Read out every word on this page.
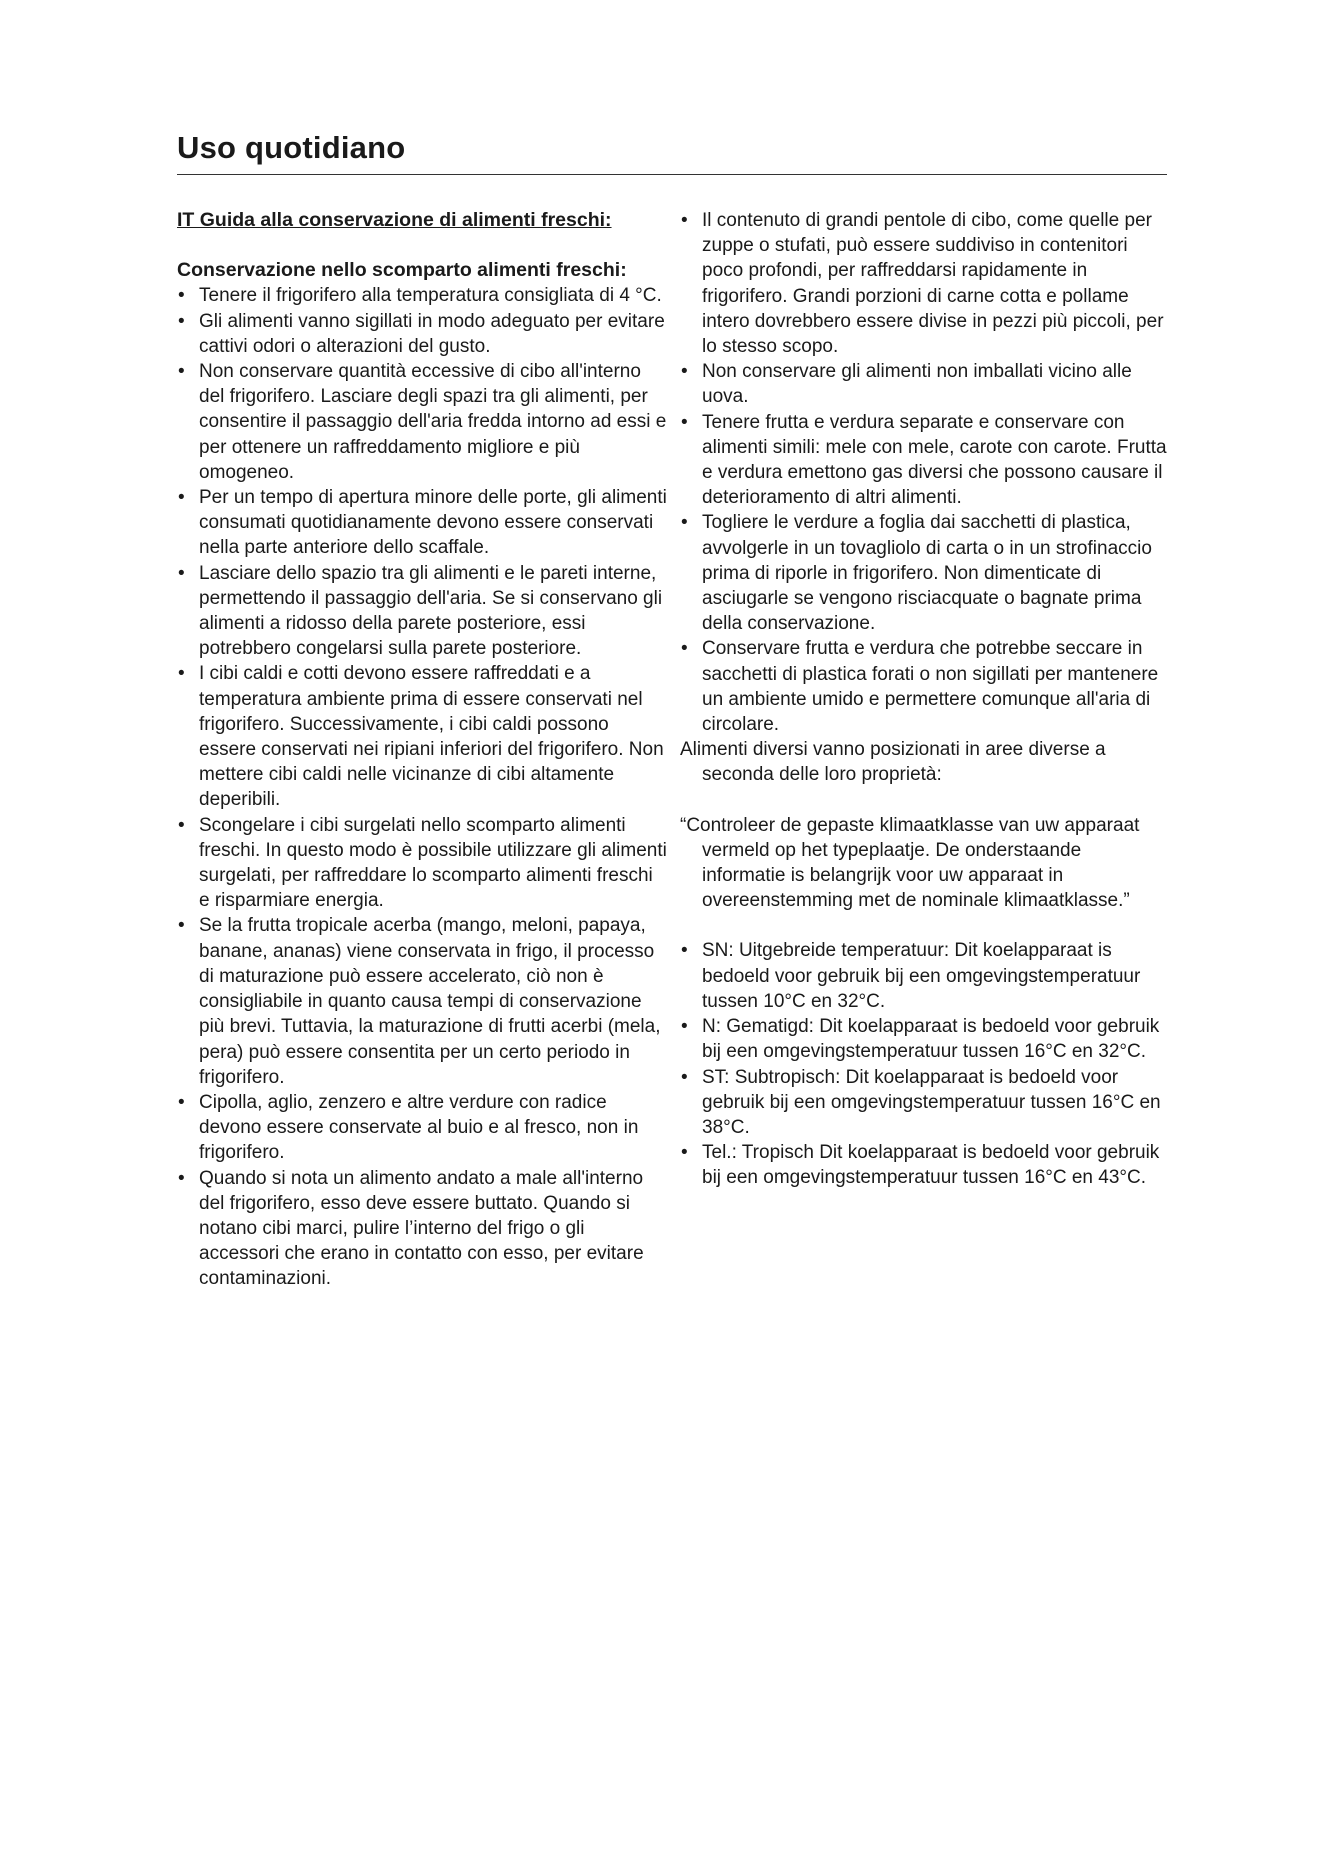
Uso quotidiano

IT Guida alla conservazione di alimenti freschi:

Conservazione nello scomparto alimenti freschi:

• Tenere il frigorifero alla temperatura consigliata di 4 °C.
• Gli alimenti vanno sigillati in modo adeguato per evitare cattivi odori o alterazioni del gusto.
• Non conservare quantità eccessive di cibo all'interno del frigorifero. Lasciare degli spazi tra gli alimenti, per consentire il passaggio dell'aria fredda intorno ad essi e per ottenere un raffreddamento migliore e più omogeneo.
• Per un tempo di apertura minore delle porte, gli alimenti consumati quotidianamente devono essere conservati nella parte anteriore dello scaffale.
• Lasciare dello spazio tra gli alimenti e le pareti interne, permettendo il passaggio dell'aria. Se si conservano gli alimenti a ridosso della parete posteriore, essi potrebbero congelarsi sulla parete posteriore.
• I cibi caldi e cotti devono essere raffreddati e a temperatura ambiente prima di essere conservati nel frigorifero. Successivamente, i cibi caldi possono essere conservati nei ripiani inferiori del frigorifero. Non mettere cibi caldi nelle vicinanze di cibi altamente deperibili.
• Scongelare i cibi surgelati nello scomparto alimenti freschi. In questo modo è possibile utilizzare gli alimenti surgelati, per raffreddare lo scomparto alimenti freschi e risparmiare energia.
• Se la frutta tropicale acerba (mango, meloni, papaya, banane, ananas) viene conservata in frigo, il processo di maturazione può essere accelerato, ciò non è consigliabile in quanto causa tempi di conservazione più brevi. Tuttavia, la maturazione di frutti acerbi (mela, pera) può essere consentita per un certo periodo in frigorifero.
• Cipolla, aglio, zenzero e altre verdure con radice devono essere conservate al buio e al fresco, non in frigorifero.
• Quando si nota un alimento andato a male all'interno del frigorifero, esso deve essere buttato. Quando si notano cibi marci, pulire l’interno del frigo o gli accessori che erano in contatto con esso, per evitare contaminazioni.
• Il contenuto di grandi pentole di cibo, come quelle per zuppe o stufati, può essere suddiviso in contenitori poco profondi, per raffreddarsi rapidamente in frigorifero. Grandi porzioni di carne cotta e pollame intero dovrebbero essere divise in pezzi più piccoli, per lo stesso scopo.
• Non conservare gli alimenti non imballati vicino alle uova.
• Tenere frutta e verdura separate e conservare con alimenti simili: mele con mele, carote con carote. Frutta e verdura emettono gas diversi che possono causare il deterioramento di altri alimenti.
• Togliere le verdure a foglia dai sacchetti di plastica, avvolgerle in un tovagliolo di carta o in un strofinaccio prima di riporle in frigorifero. Non dimenticate di asciugarle se vengono risciacquate o bagnate prima della conservazione.
• Conservare frutta e verdura che potrebbe seccare in sacchetti di plastica forati o non sigillati per mantenere un ambiente umido e permettere comunque all'aria di circolare.

Alimenti diversi vanno posizionati in aree diverse a seconda delle loro proprietà:

“Controleer de gepaste klimaatklasse van uw apparaat vermeld op het typeplaatje. De onderstaande informatie is belangrijk voor uw apparaat in overeenstemming met de nominale klimaatklasse.”

• SN: Uitgebreide temperatuur: Dit koelapparaat is bedoeld voor gebruik bij een omgevingstemperatuur tussen 10°C en 32°C.
• N: Gematigd: Dit koelapparaat is bedoeld voor gebruik bij een omgevingstemperatuur tussen 16°C en 32°C.
• ST: Subtropisch: Dit koelapparaat is bedoeld voor gebruik bij een omgevingstemperatuur tussen 16°C en 38°C.
• Tel.: Tropisch Dit koelapparaat is bedoeld voor gebruik bij een omgevingstemperatuur tussen 16°C en 43°C.
